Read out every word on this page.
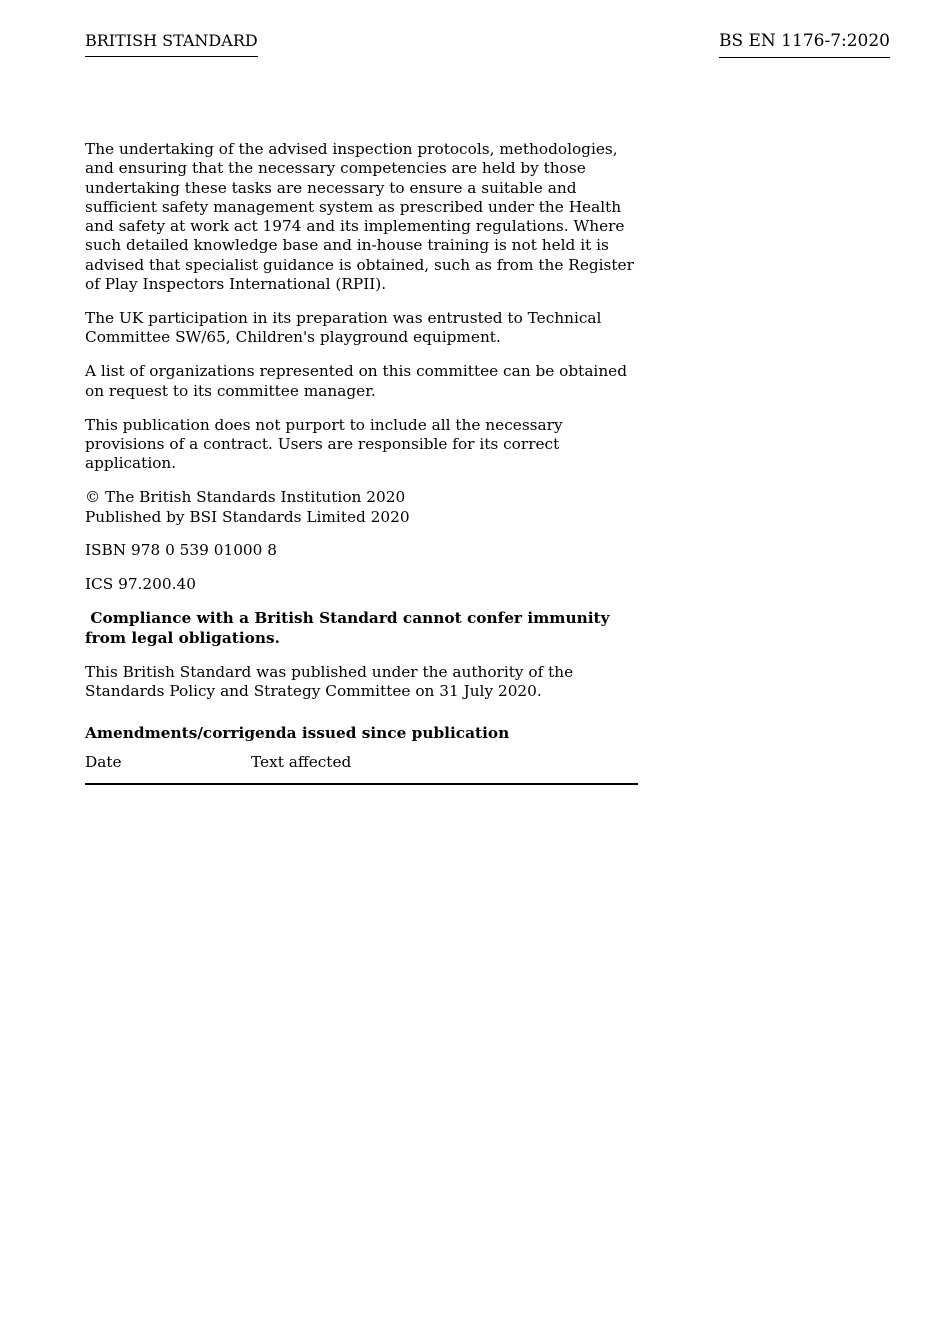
BRITISH STANDARD	BS EN 1176-7:2020

The undertaking of the advised inspection protocols, methodologies, and ensuring that the necessary competencies are held by those undertaking these tasks are necessary to ensure a suitable and sufficient safety management system as prescribed under the Health and safety at work act 1974 and its implementing regulations. Where such detailed knowledge base and in-house training is not held it is advised that specialist guidance is obtained, such as from the Register of Play Inspectors International (RPII).

The UK participation in its preparation was entrusted to Technical Committee SW/65, Children's playground equipment.

A list of organizations represented on this committee can be obtained on request to its committee manager.

This publication does not purport to include all the necessary provisions of a contract. Users are responsible for its correct application.

© The British Standards Institution 2020
Published by BSI Standards Limited 2020

ISBN 978 0 539 01000 8

ICS 97.200.40

Compliance with a British Standard cannot confer immunity from legal obligations.

This British Standard was published under the authority of the Standards Policy and Strategy Committee on 31 July 2020.

Amendments/corrigenda issued since publication

Date	Text affected
